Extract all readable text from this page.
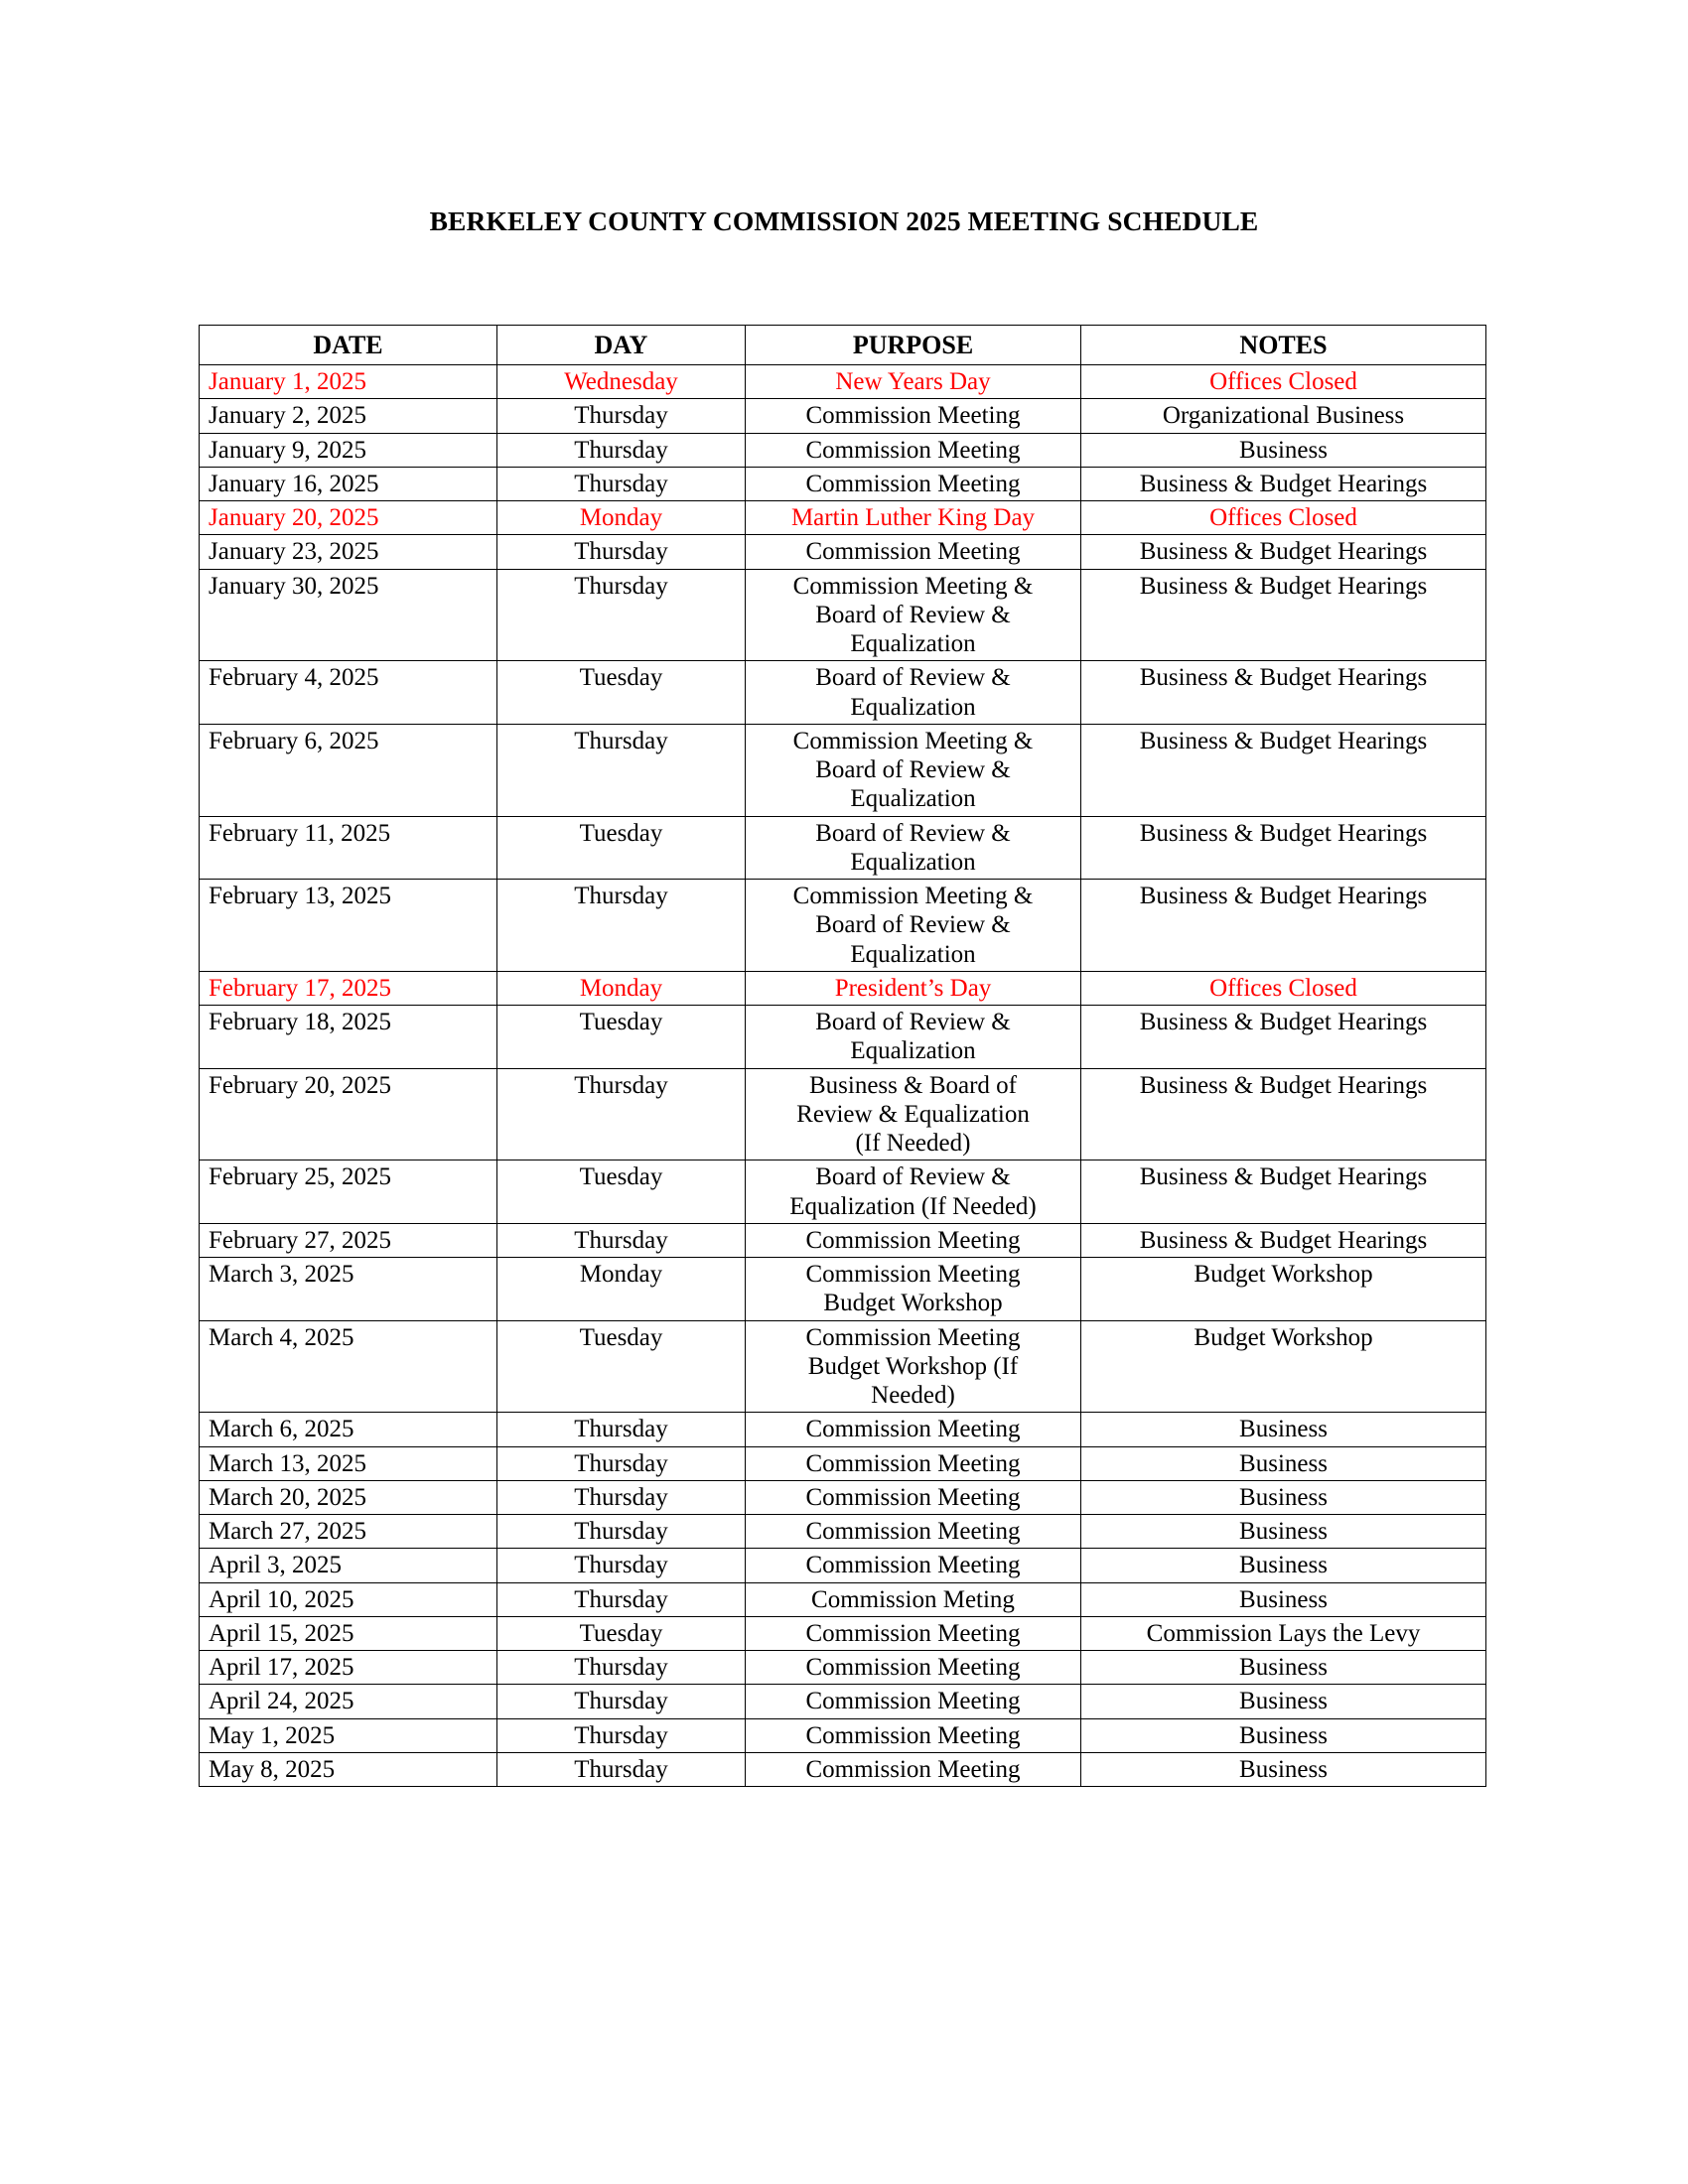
BERKELEY COUNTY COMMISSION 2025 MEETING SCHEDULE
DATE	DAY	PURPOSE	NOTES
January 1, 2025	Wednesday	New Years Day	Offices Closed

January 2, 2025	Thursday	Commission Meeting	Organizational Business

January 9, 2025	Thursday	Commission Meeting	Business

January 16, 2025	Thursday	Commission Meeting	Business & Budget Hearings

January 20, 2025	Monday	Martin Luther King Day	Offices Closed

January 23, 2025	Thursday	Commission Meeting	Business & Budget Hearings

January 30, 2025	Thursday	Commission Meeting &
Board of Review &
Equalization	Business & Budget Hearings

February 4, 2025	Tuesday	Board of Review &
Equalization	Business & Budget Hearings

February 6, 2025	Thursday	Commission Meeting &
Board of Review &
Equalization	Business & Budget Hearings

February 11, 2025	Tuesday	Board of Review &
Equalization	Business & Budget Hearings

February 13, 2025	Thursday	Commission Meeting &
Board of Review &
Equalization	Business & Budget Hearings

February 17, 2025	Monday	President’s Day	Offices Closed

February 18, 2025	Tuesday	Board of Review &
Equalization	Business & Budget Hearings

February 20, 2025	Thursday	Business & Board of
Review & Equalization
(If Needed)	Business & Budget Hearings

February 25, 2025	Tuesday	Board of Review &
Equalization (If Needed)	Business & Budget Hearings

February 27, 2025	Thursday	Commission Meeting	Business & Budget Hearings

March 3, 2025	Monday	Commission Meeting
Budget Workshop	Budget Workshop

March 4, 2025	Tuesday	Commission Meeting
Budget Workshop (If
Needed)	Budget Workshop

March 6, 2025	Thursday	Commission Meeting	Business

March 13, 2025	Thursday	Commission Meeting	Business

March 20, 2025	Thursday	Commission Meeting	Business

March 27, 2025	Thursday	Commission Meeting	Business

April 3, 2025	Thursday	Commission Meeting	Business

April 10, 2025	Thursday	Commission Meting	Business

April 15, 2025	Tuesday	Commission Meeting	Commission Lays the Levy

April 17, 2025	Thursday	Commission Meeting	Business

April 24, 2025	Thursday	Commission Meeting	Business

May 1, 2025	Thursday	Commission Meeting	Business

May 8, 2025	Thursday	Commission Meeting	Business
